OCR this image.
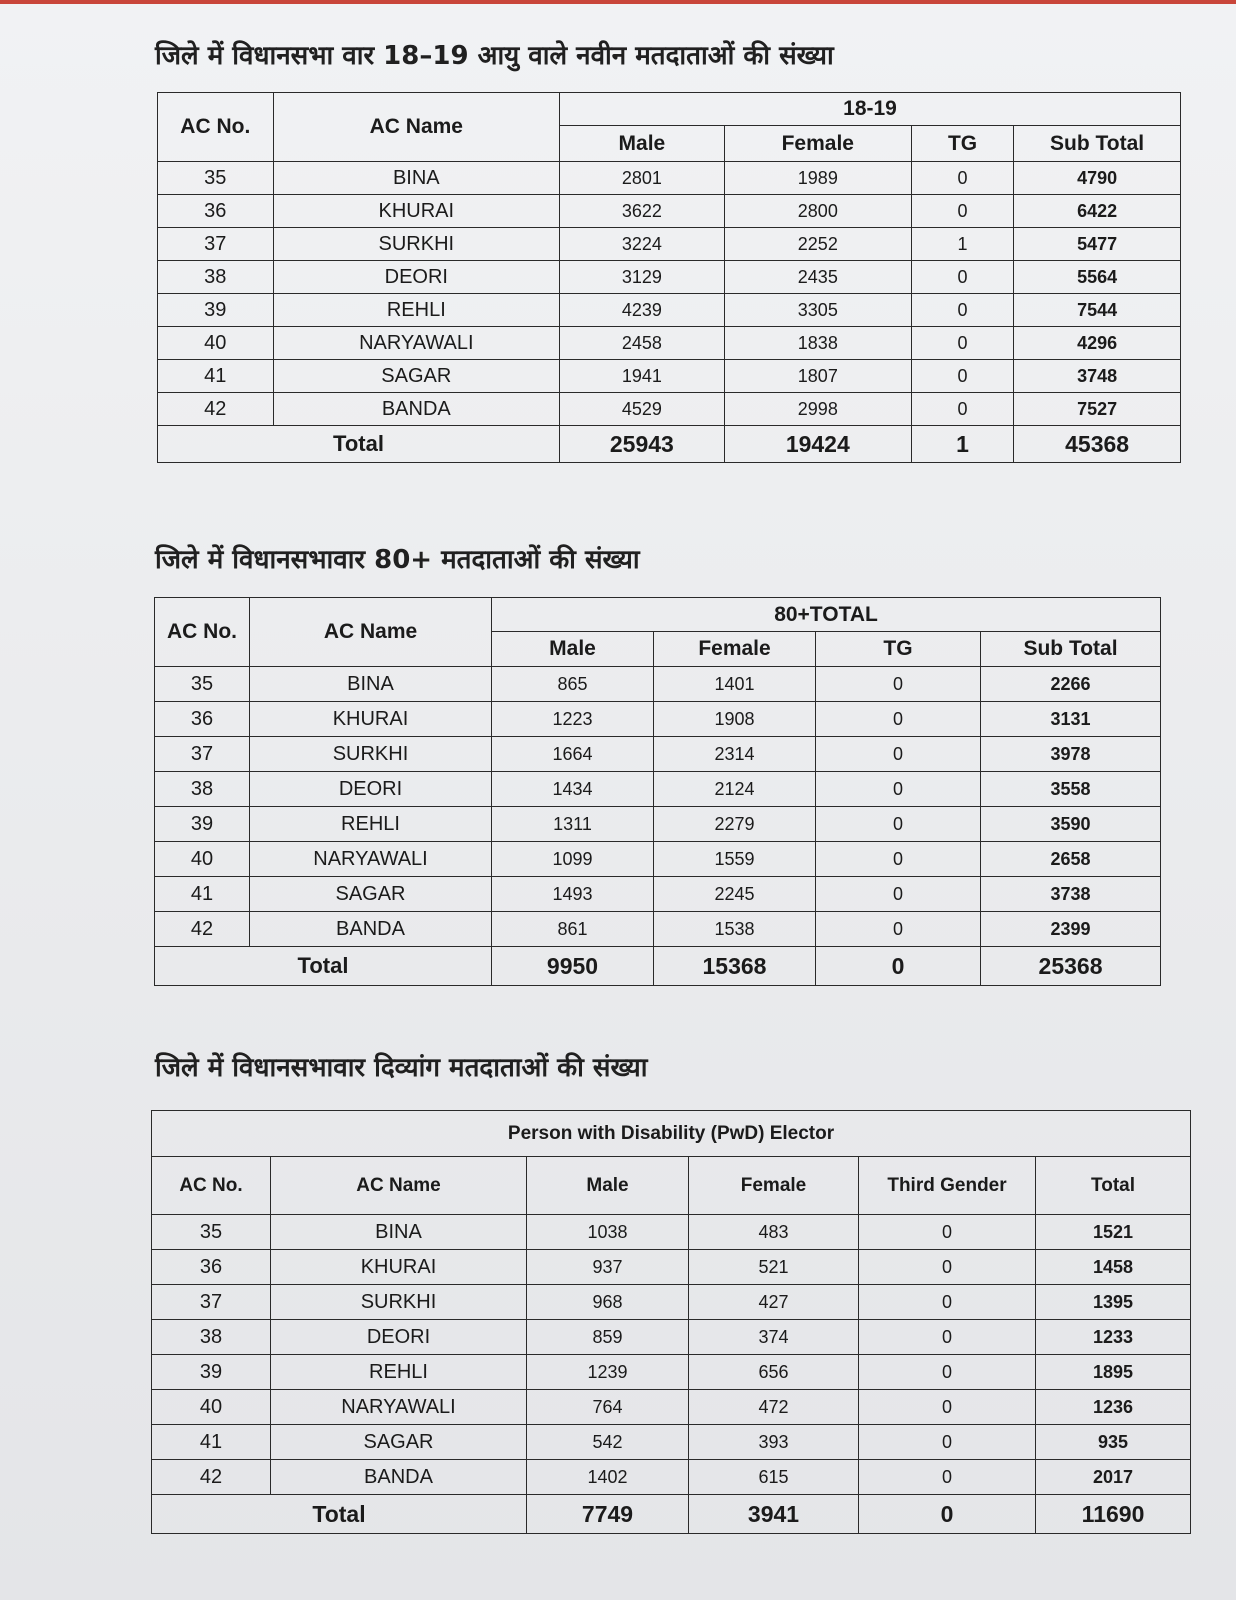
जिले में विधानसभा वार 18–19 आयु वाले नवीन मतदाताओं की संख्या
AC No.	AC Name	18-19			
		Male	Female	TG	Sub Total
35	BINA	2801	1989	0	4790
36	KHURAI	3622	2800	0	6422
37	SURKHI	3224	2252	1	5477
38	DEORI	3129	2435	0	5564
39	REHLI	4239	3305	0	7544
40	NARYAWALI	2458	1838	0	4296
41	SAGAR	1941	1807	0	3748
42	BANDA	4529	2998	0	7527
Total		25943	19424	1	45368
जिले में विधानसभावार 80+ मतदाताओं की संख्या
AC No.	AC Name	80+TOTAL			
		Male	Female	TG	Sub Total
35	BINA	865	1401	0	2266
36	KHURAI	1223	1908	0	3131
37	SURKHI	1664	2314	0	3978
38	DEORI	1434	2124	0	3558
39	REHLI	1311	2279	0	3590
40	NARYAWALI	1099	1559	0	2658
41	SAGAR	1493	2245	0	3738
42	BANDA	861	1538	0	2399
Total		9950	15368	0	25368
जिले में विधानसभावार दिव्यांग मतदाताओं की संख्या
Person with Disability (PwD) Elector					
AC No.	AC Name	Male	Female	Third Gender	Total
35	BINA	1038	483	0	1521
36	KHURAI	937	521	0	1458
37	SURKHI	968	427	0	1395
38	DEORI	859	374	0	1233
39	REHLI	1239	656	0	1895
40	NARYAWALI	764	472	0	1236
41	SAGAR	542	393	0	935
42	BANDA	1402	615	0	2017
Total		7749	3941	0	11690
